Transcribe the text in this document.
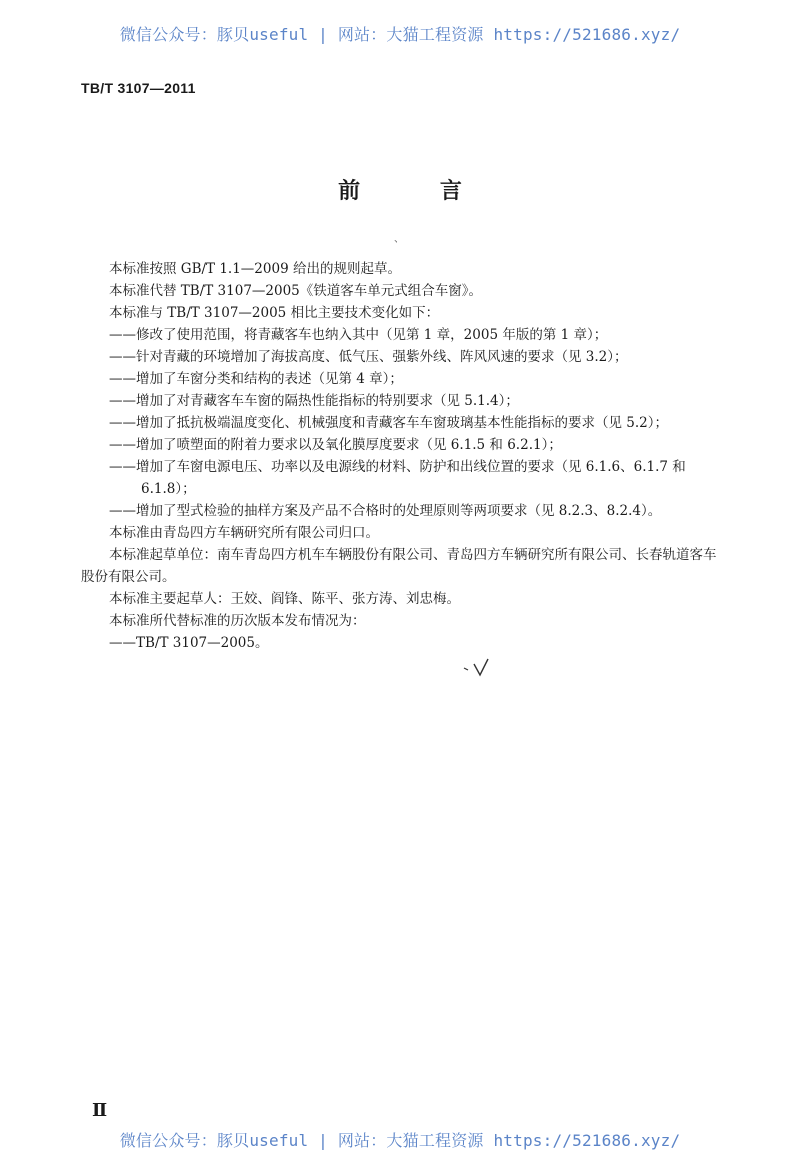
微信公众号：豚贝useful | 网站：大猫工程资源 https://521686.xyz/
TB/T 3107—2011
前 言
、

本标准按照 GB/T 1.1—2009 给出的规则起草。

本标准代替 TB/T 3107—2005《铁道客车单元式组合车窗》。

本标准与 TB/T 3107—2005 相比主要技术变化如下：

——修改了使用范围，将青藏客车也纳入其中（见第 1 章，2005 年版的第 1 章）；

——针对青藏的环境增加了海拔高度、低气压、强紫外线、阵风风速的要求（见 3.2）；

——增加了车窗分类和结构的表述（见第 4 章）；

——增加了对青藏客车车窗的隔热性能指标的特别要求（见 5.1.4）；

——增加了抵抗极端温度变化、机械强度和青藏客车车窗玻璃基本性能指标的要求（见 5.2）；

——增加了喷塑面的附着力要求以及氧化膜厚度要求（见 6.1.5 和 6.2.1）；

——增加了车窗电源电压、功率以及电源线的材料、防护和出线位置的要求（见 6.1.6、6.1.7 和

6.1.8）；

——增加了型式检验的抽样方案及产品不合格时的处理原则等两项要求（见 8.2.3、8.2.4）。

本标准由青岛四方车辆研究所有限公司归口。

本标准起草单位：南车青岛四方机车车辆股份有限公司、青岛四方车辆研究所有限公司、长春轨道客车股份有限公司。

本标准主要起草人：王姣、阎锋、陈平、张方涛、刘忠梅。

本标准所代替标准的历次版本发布情况为：

——TB/T 3107—2005。

Ⅱ
微信公众号：豚贝useful | 网站：大猫工程资源 https://521686.xyz/
